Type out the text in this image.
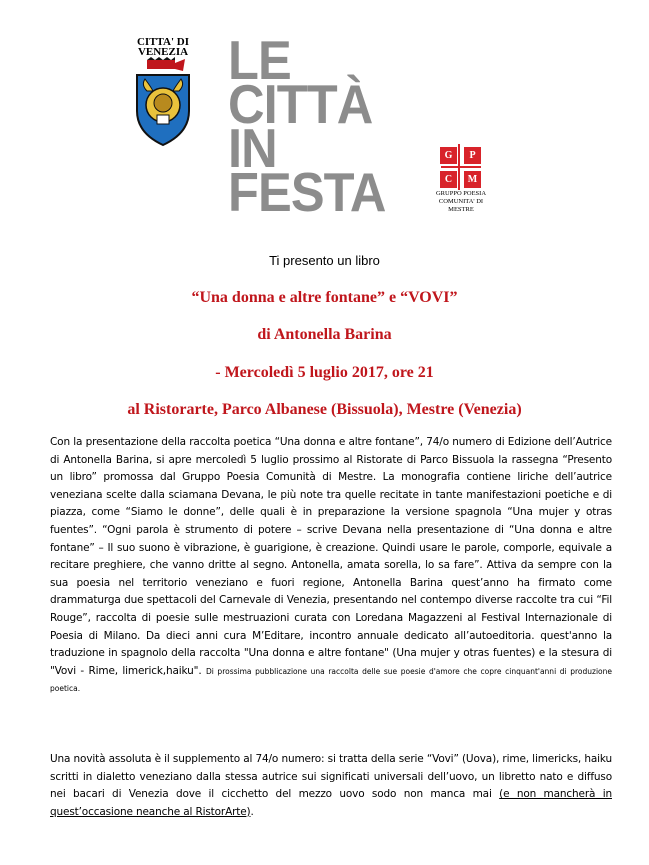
CITTA' DI
VENEZIA LE
CITTÀ
IN
FESTA
G	P
C	M
GRUPPO POESIA
COMUNITA' DI MESTRE
Ti presento un libro
“Una donna e altre fontane” e “VOVI”
di Antonella Barina
- Mercoledì 5 luglio 2017, ore 21
al Ristorarte, Parco Albanese (Bissuola), Mestre (Venezia)
Con la presentazione della raccolta poetica “Una donna e altre fontane”, 74/o numero di Edizione dell’Autrice di Antonella Barina, si apre mercoledì 5 luglio prossimo al Ristorate di Parco Bissuola la rassegna “Presento un libro” promossa dal Gruppo Poesia Comunità di Mestre. La monografia contiene liriche dell’autrice veneziana scelte dalla sciamana Devana, le più note tra quelle recitate in tante manifestazioni poetiche e di piazza, come “Siamo le donne”, delle quali è in preparazione la versione spagnola “Una mujer y otras fuentes”. “Ogni parola è strumento di potere – scrive Devana nella presentazione di “Una donna e altre fontane” – Il suo suono è vibrazione, è guarigione, è creazione. Quindi usare le parole, comporle, equivale a recitare preghiere, che vanno dritte al segno. Antonella, amata sorella, lo sa fare”. Attiva da sempre con la sua poesia nel territorio veneziano e fuori regione, Antonella Barina quest’anno ha firmato come drammaturga due spettacoli del Carnevale di Venezia, presentando nel contempo diverse raccolte tra cui “Fil Rouge”, raccolta di poesie sulle mestruazioni curata con Loredana Magazzeni al Festival Internazionale di Poesia di Milano. Da dieci anni cura M’Editare, incontro annuale dedicato all’autoeditoria. quest'anno la traduzione in spagnolo della raccolta "Una donna e altre fontane" (Una mujer y otras fuentes) e la stesura di "Vovi - Rime, limerick,haiku". Di prossima pubblicazione una raccolta delle sue poesie d'amore che copre cinquant'anni di produzione poetica.
Una novità assoluta è il supplemento al 74/o numero: si tratta della serie “Vovi” (Uova), rime, limericks, haiku scritti in dialetto veneziano dalla stessa autrice sui significati universali dell’uovo, un libretto nato e diffuso nei bacari di Venezia dove il cicchetto del mezzo uovo sodo non manca mai (e non mancherà in quest’occasione neanche al RistorArte).
